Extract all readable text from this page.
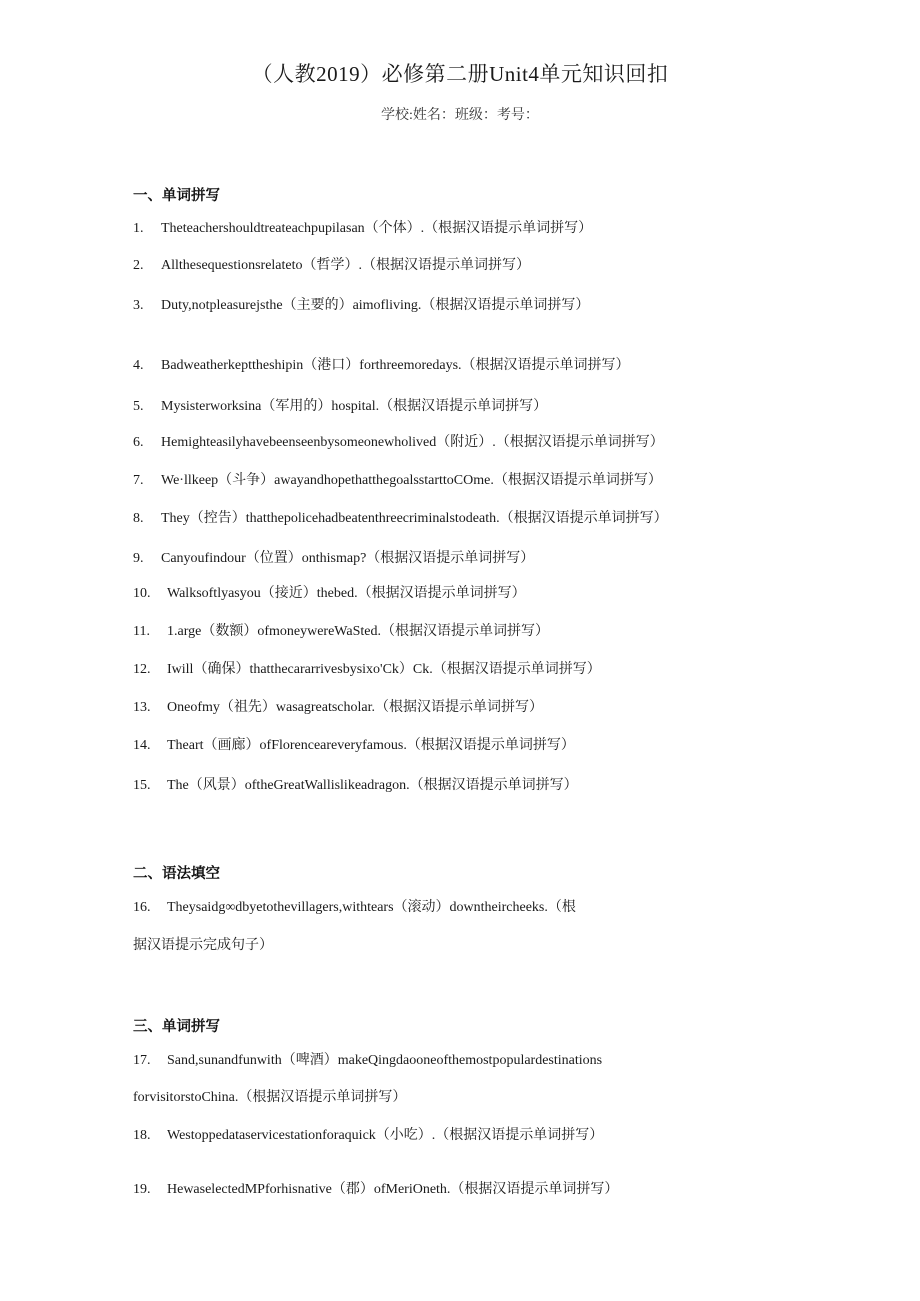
（人教2019）必修第二册Unit4单元知识回扣
学校:姓名：班级：考号：
一、单词拼写
1. Theteachershouldtreateachpupilasan（个体）.（根据汉语提示单词拼写）
2. Allthesequestionsrelateto（哲学）.（根据汉语提示单词拼写）
3. Duty,notpleasurejsthe（主要的）aimofliving.（根据汉语提示单词拼写）
4. Badweatherkepttheshipin（港口）forthreemoredays.（根据汉语提示单词拼写）
5. Mysisterworksina（军用的）hospital.（根据汉语提示单词拼写）
6. Hemighteasilyhavebeenseenbysomeonewholived（附近）.（根据汉语提示单词拼写）
7. We·llkeep（斗争）awayandhopethatthegoalsstarttoCOme.（根据汉语提示单词拼写）
8. They（控告）thatthepolicehadbeatenthreecriminalstodeath.（根据汉语提示单词拼写）
9. Canyoufindour（位置）onthismap?（根据汉语提示单词拼写）
10. Walksoftlyasyou（接近）thebed.（根据汉语提示单词拼写）
11. 1.arge（数额）ofmoneywereWaSted.（根据汉语提示单词拼写）
12. Iwill（确保）thatthecararrivesbysixo'Ck）Ck.（根据汉语提示单词拼写）
13. Oneofmy（祖先）wasagreatscholar.（根据汉语提示单词拼写）
14. Theart（画廊）ofFlorenceareveryfamous.（根据汉语提示单词拼写）
15. The（风景）oftheGreatWallislikeadragon.（根据汉语提示单词拼写）
二、语法填空
16. Theysaidg∞dbyetothevillagers,withtears（滚动）downtheircheeks.（根
据汉语提示完成句子）
三、单词拼写
17. Sand,sunandfunwith（啤酒）makeQingdaooneofthemostpopulardestinations
forvisitorstoChina.（根据汉语提示单词拼写）
18. Westoppedataservicestationforaquick（小吃）.（根据汉语提示单词拼写）
19. HewaselectedMPforhisnative（郡）ofMeriOneth.（根据汉语提示单词拼写）
